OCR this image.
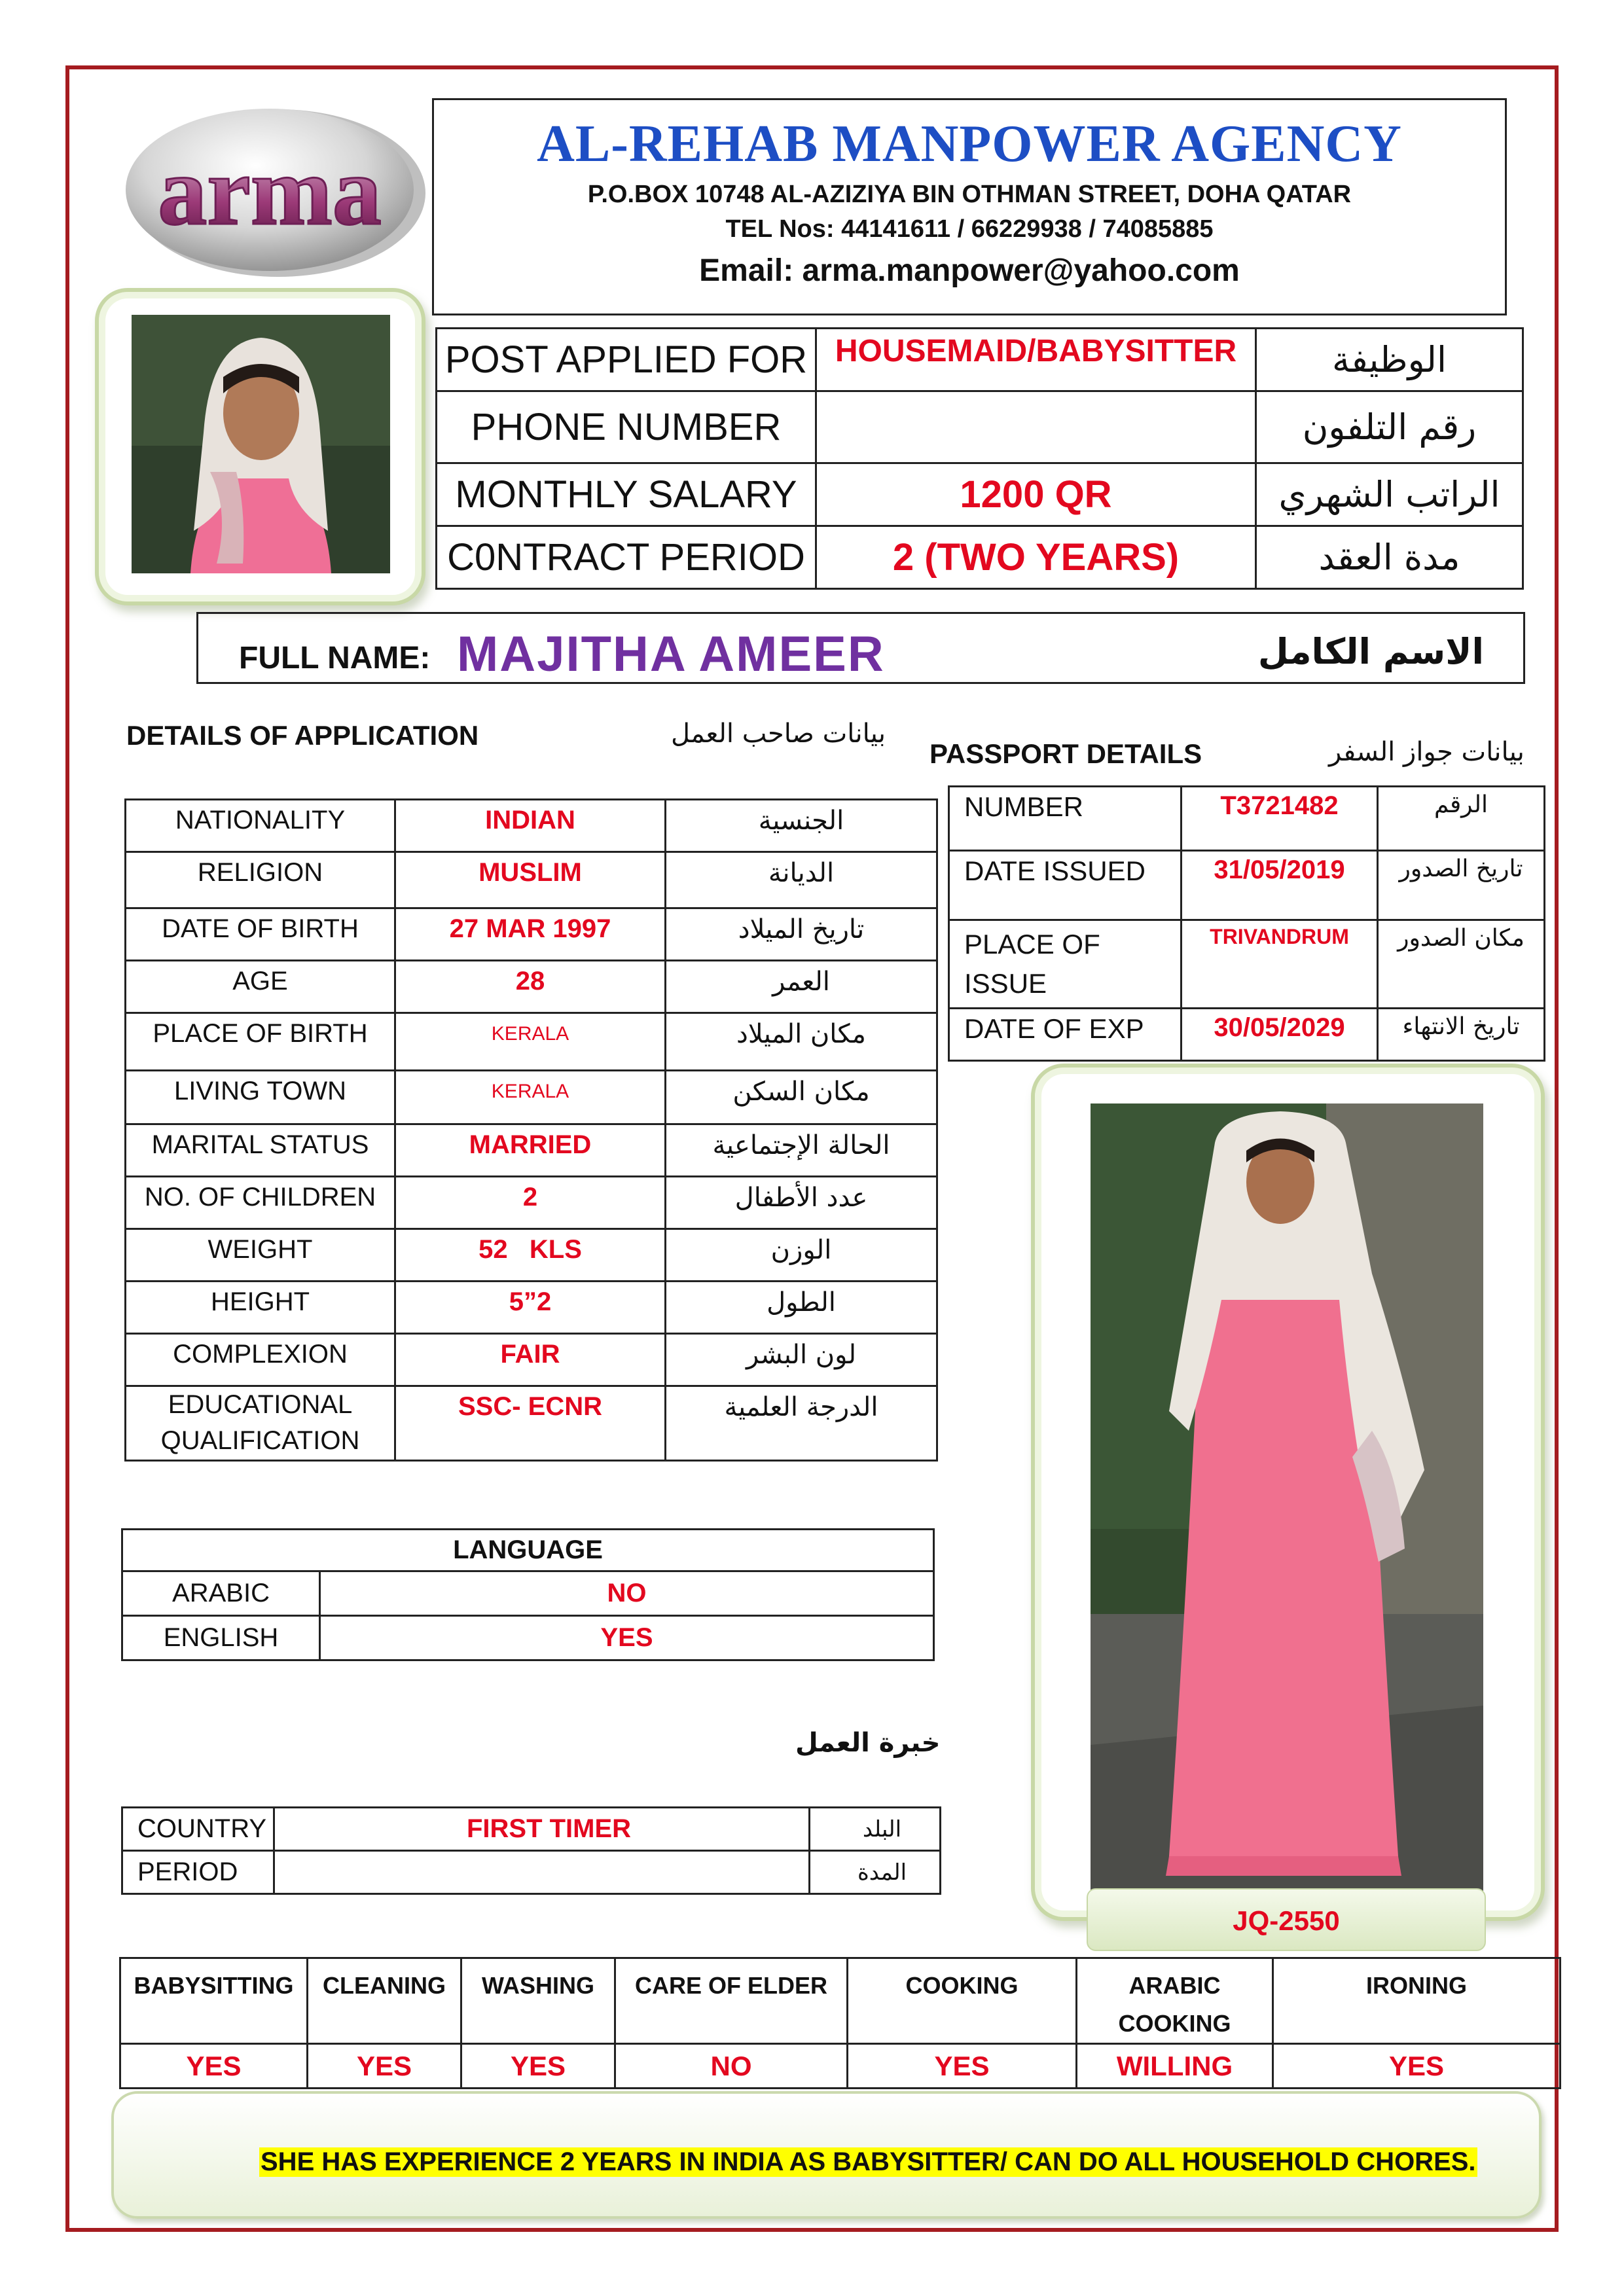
arma	AL-REHAB MANPOWER AGENCY
P.O.BOX 10748 AL-AZIZIYA BIN OTHMAN STREET, DOHA QATAR
TEL Nos: 44141611 / 66229938 / 74085885
Email: arma.manpower@yahoo.com
POST APPLIED FOR	HOUSEMAID/BABYSITTER	الوظيفة
PHONE NUMBER		رقم التلفون
MONTHLY SALARY	1200 QR	الراتب الشهري
C0NTRACT PERIOD	2 (TWO YEARS)	مدة العقد
FULL NAME: MAJITHA AMEER	الاسم الكامل
DETAILS OF APPLICATION	بيانات صاحب العمل
PASSPORT DETAILS	بيانات جواز السفر
NATIONALITY	INDIAN	الجنسية
RELIGION	MUSLIM	الديانة
DATE OF BIRTH	27 MAR 1997	تاريخ الميلاد
AGE	28	العمر
PLACE OF BIRTH	KERALA	مكان الميلاد
LIVING TOWN	KERALA	مكان السكن
MARITAL STATUS	MARRIED	الحالة الإجتماعية
NO. OF CHILDREN	2	عدد الأطفال
WEIGHT	52   KLS	الوزن
HEIGHT	5”2	الطول
COMPLEXION	FAIR	لون البشر
EDUCATIONAL QUALIFICATION	SSC- ECNR	الدرجة العلمية
NUMBER	T3721482	الرقم
DATE ISSUED	31/05/2019	تاريخ الصدور
PLACE OF ISSUE	TRIVANDRUM	مكان الصدور
DATE OF EXP	30/05/2029	تاريخ الانتهاء
LANGUAGE	
ARABIC	NO
ENGLISH	YES
خبرة العمل
COUNTRY	FIRST TIMER	البلد
PERIOD		المدة
JQ-2550
BABYSITTING	CLEANING	WASHING	CARE OF ELDER	COOKING	ARABIC COOKING	IRONING
YES	YES	YES	NO	YES	WILLING	YES
SHE HAS EXPERIENCE 2 YEARS IN INDIA AS BABYSITTER/ CAN DO ALL HOUSEHOLD CHORES.
